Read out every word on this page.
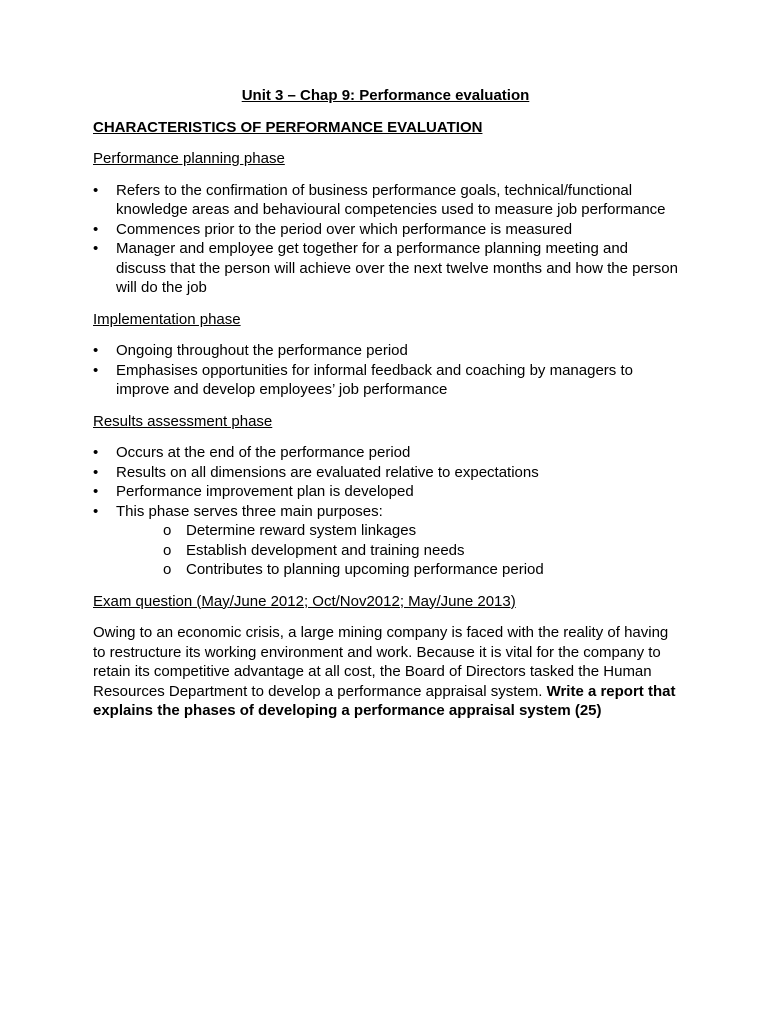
Unit 3 – Chap 9: Performance evaluation
CHARACTERISTICS OF PERFORMANCE EVALUATION
Performance planning phase
•	Refers to the confirmation of business performance goals, technical/functional knowledge areas and behavioural competencies used to measure job performance
•	Commences prior to the period over which performance is measured
•	Manager and employee get together for a performance planning meeting and discuss that the person will achieve over the next twelve months and how the person will do the job
Implementation phase
•	Ongoing throughout the performance period
•	Emphasises opportunities for informal feedback and coaching by managers to improve and develop employees’ job performance
Results assessment phase
•	Occurs at the end of the performance period
•	Results on all dimensions are evaluated relative to expectations
•	Performance improvement plan is developed
•	This phase serves three main purposes:
o Determine reward system linkages
o Establish development and training needs
o Contributes to planning upcoming performance period
Exam question (May/June 2012; Oct/Nov2012; May/June 2013)

Owing to an economic crisis, a large mining company is faced with the reality of having to restructure its working environment and work. Because it is vital for the company to retain its competitive advantage at all cost, the Board of Directors tasked the Human Resources Department to develop a performance appraisal system. Write a report that explains the phases of developing a performance appraisal system (25)
